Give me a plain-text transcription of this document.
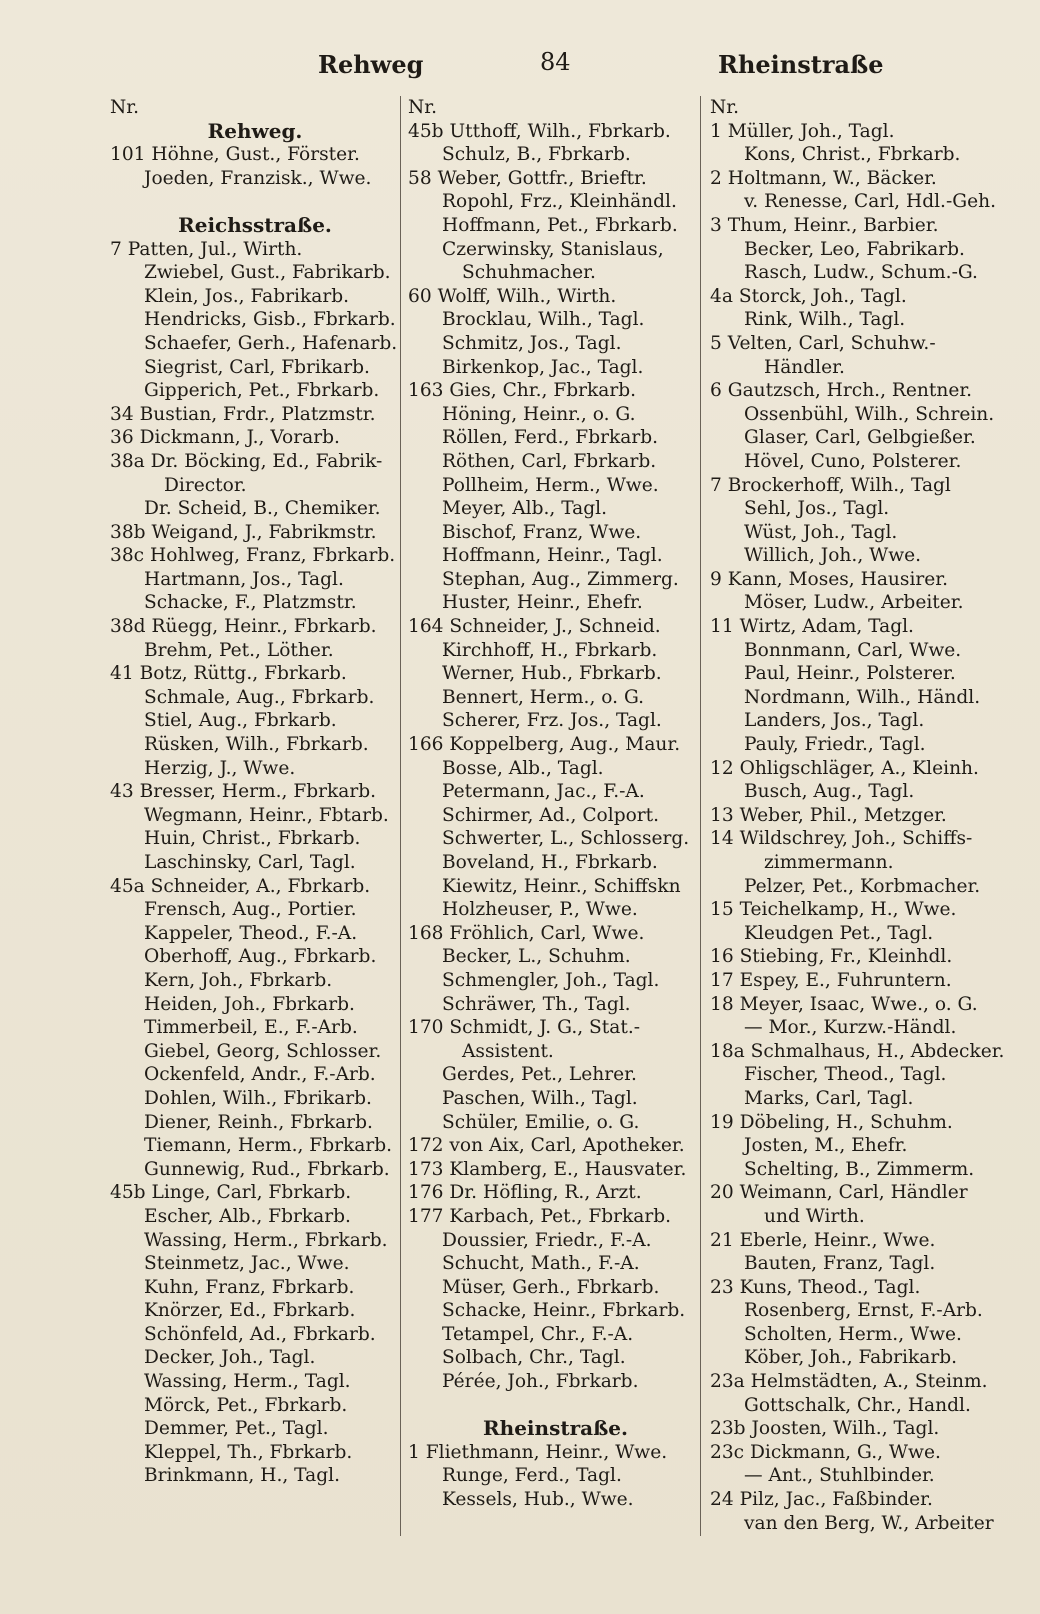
Rehweg	84	Rheinstraße
Nr.
Rehweg.
101 Höhne, Gust., Förster.
Joeden, Franzisk., Wwe.
Reichsstraße.
7 Patten, Jul., Wirth.
Zwiebel, Gust., Fabrikarb.
Klein, Jos., Fabrikarb.
Hendricks, Gisb., Fbrkarb.
Schaefer, Gerh., Hafenarb.
Siegrist, Carl, Fbrikarb.
Gipperich, Pet., Fbrkarb.
34 Bustian, Frdr., Platzmstr.
36 Dickmann, J., Vorarb.
38a Dr. Böcking, Ed., Fabrik-
Director.
Dr. Scheid, B., Chemiker.
38b Weigand, J., Fabrikmstr.
38c Hohlweg, Franz, Fbrkarb.
Hartmann, Jos., Tagl.
Schacke, F., Platzmstr.
38d Rüegg, Heinr., Fbrkarb.
Brehm, Pet., Löther.
41 Botz, Rüttg., Fbrkarb.
Schmale, Aug., Fbrkarb.
Stiel, Aug., Fbrkarb.
Rüsken, Wilh., Fbrkarb.
Herzig, J., Wwe.
43 Bresser, Herm., Fbrkarb.
Wegmann, Heinr., Fbtarb.
Huin, Christ., Fbrkarb.
Laschinsky, Carl, Tagl.
45a Schneider, A., Fbrkarb.
Frensch, Aug., Portier.
Kappeler, Theod., F.-A.
Oberhoff, Aug., Fbrkarb.
Kern, Joh., Fbrkarb.
Heiden, Joh., Fbrkarb.
Timmerbeil, E., F.-Arb.
Giebel, Georg, Schlosser.
Ockenfeld, Andr., F.-Arb.
Dohlen, Wilh., Fbrikarb.
Diener, Reinh., Fbrkarb.
Tiemann, Herm., Fbrkarb.
Gunnewig, Rud., Fbrkarb.
45b Linge, Carl, Fbrkarb.
Escher, Alb., Fbrkarb.
Wassing, Herm., Fbrkarb.
Steinmetz, Jac., Wwe.
Kuhn, Franz, Fbrkarb.
Knörzer, Ed., Fbrkarb.
Schönfeld, Ad., Fbrkarb.
Decker, Joh., Tagl.
Wassing, Herm., Tagl.
Mörck, Pet., Fbrkarb.
Demmer, Pet., Tagl.
Kleppel, Th., Fbrkarb.
Brinkmann, H., Tagl.
Nr.
45b Utthoff, Wilh., Fbrkarb.
Schulz, B., Fbrkarb.
58 Weber, Gottfr., Brieftr.
Ropohl, Frz., Kleinhändl.
Hoffmann, Pet., Fbrkarb.
Czerwinsky, Stanislaus,
Schuhmacher.
60 Wolff, Wilh., Wirth.
Brocklau, Wilh., Tagl.
Schmitz, Jos., Tagl.
Birkenkop, Jac., Tagl.
163 Gies, Chr., Fbrkarb.
Höning, Heinr., o. G.
Röllen, Ferd., Fbrkarb.
Röthen, Carl, Fbrkarb.
Pollheim, Herm., Wwe.
Meyer, Alb., Tagl.
Bischof, Franz, Wwe.
Hoffmann, Heinr., Tagl.
Stephan, Aug., Zimmerg.
Huster, Heinr., Ehefr.
164 Schneider, J., Schneid.
Kirchhoff, H., Fbrkarb.
Werner, Hub., Fbrkarb.
Bennert, Herm., o. G.
Scherer, Frz. Jos., Tagl.
166 Koppelberg, Aug., Maur.
Bosse, Alb., Tagl.
Petermann, Jac., F.-A.
Schirmer, Ad., Colport.
Schwerter, L., Schlosserg.
Boveland, H., Fbrkarb.
Kiewitz, Heinr., Schiffskn
Holzheuser, P., Wwe.
168 Fröhlich, Carl, Wwe.
Becker, L., Schuhm.
Schmengler, Joh., Tagl.
Schräwer, Th., Tagl.
170 Schmidt, J. G., Stat.-
Assistent.
Gerdes, Pet., Lehrer.
Paschen, Wilh., Tagl.
Schüler, Emilie, o. G.
172 von Aix, Carl, Apotheker.
173 Klamberg, E., Hausvater.
176 Dr. Höfling, R., Arzt.
177 Karbach, Pet., Fbrkarb.
Doussier, Friedr., F.-A.
Schucht, Math., F.-A.
Müser, Gerh., Fbrkarb.
Schacke, Heinr., Fbrkarb.
Tetampel, Chr., F.-A.
Solbach, Chr., Tagl.
Pérée, Joh., Fbrkarb.
Rheinstraße.
1 Fliethmann, Heinr., Wwe.
Runge, Ferd., Tagl.
Kessels, Hub., Wwe.
Nr.
1 Müller, Joh., Tagl.
Kons, Christ., Fbrkarb.
2 Holtmann, W., Bäcker.
v. Renesse, Carl, Hdl.-Geh.
3 Thum, Heinr., Barbier.
Becker, Leo, Fabrikarb.
Rasch, Ludw., Schum.-G.
4a Storck, Joh., Tagl.
Rink, Wilh., Tagl.
5 Velten, Carl, Schuhw.-
Händler.
6 Gautzsch, Hrch., Rentner.
Ossenbühl, Wilh., Schrein.
Glaser, Carl, Gelbgießer.
Hövel, Cuno, Polsterer.
7 Brockerhoff, Wilh., Tagl
Sehl, Jos., Tagl.
Wüst, Joh., Tagl.
Willich, Joh., Wwe.
9 Kann, Moses, Hausirer.
Möser, Ludw., Arbeiter.
11 Wirtz, Adam, Tagl.
Bonnmann, Carl, Wwe.
Paul, Heinr., Polsterer.
Nordmann, Wilh., Händl.
Landers, Jos., Tagl.
Pauly, Friedr., Tagl.
12 Ohligschläger, A., Kleinh.
Busch, Aug., Tagl.
13 Weber, Phil., Metzger.
14 Wildschrey, Joh., Schiffs-
zimmermann.
Pelzer, Pet., Korbmacher.
15 Teichelkamp, H., Wwe.
Kleudgen Pet., Tagl.
16 Stiebing, Fr., Kleinhdl.
17 Espey, E., Fuhruntern.
18 Meyer, Isaac, Wwe., o. G.
— Mor., Kurzw.-Händl.
18a Schmalhaus, H., Abdecker.
Fischer, Theod., Tagl.
Marks, Carl, Tagl.
19 Döbeling, H., Schuhm.
Josten, M., Ehefr.
Schelting, B., Zimmerm.
20 Weimann, Carl, Händler
und Wirth.
21 Eberle, Heinr., Wwe.
Bauten, Franz, Tagl.
23 Kuns, Theod., Tagl.
Rosenberg, Ernst, F.-Arb.
Scholten, Herm., Wwe.
Köber, Joh., Fabrikarb.
23a Helmstädten, A., Steinm.
Gottschalk, Chr., Handl.
23b Joosten, Wilh., Tagl.
23c Dickmann, G., Wwe.
— Ant., Stuhlbinder.
24 Pilz, Jac., Faßbinder.
van den Berg, W., Arbeiter
